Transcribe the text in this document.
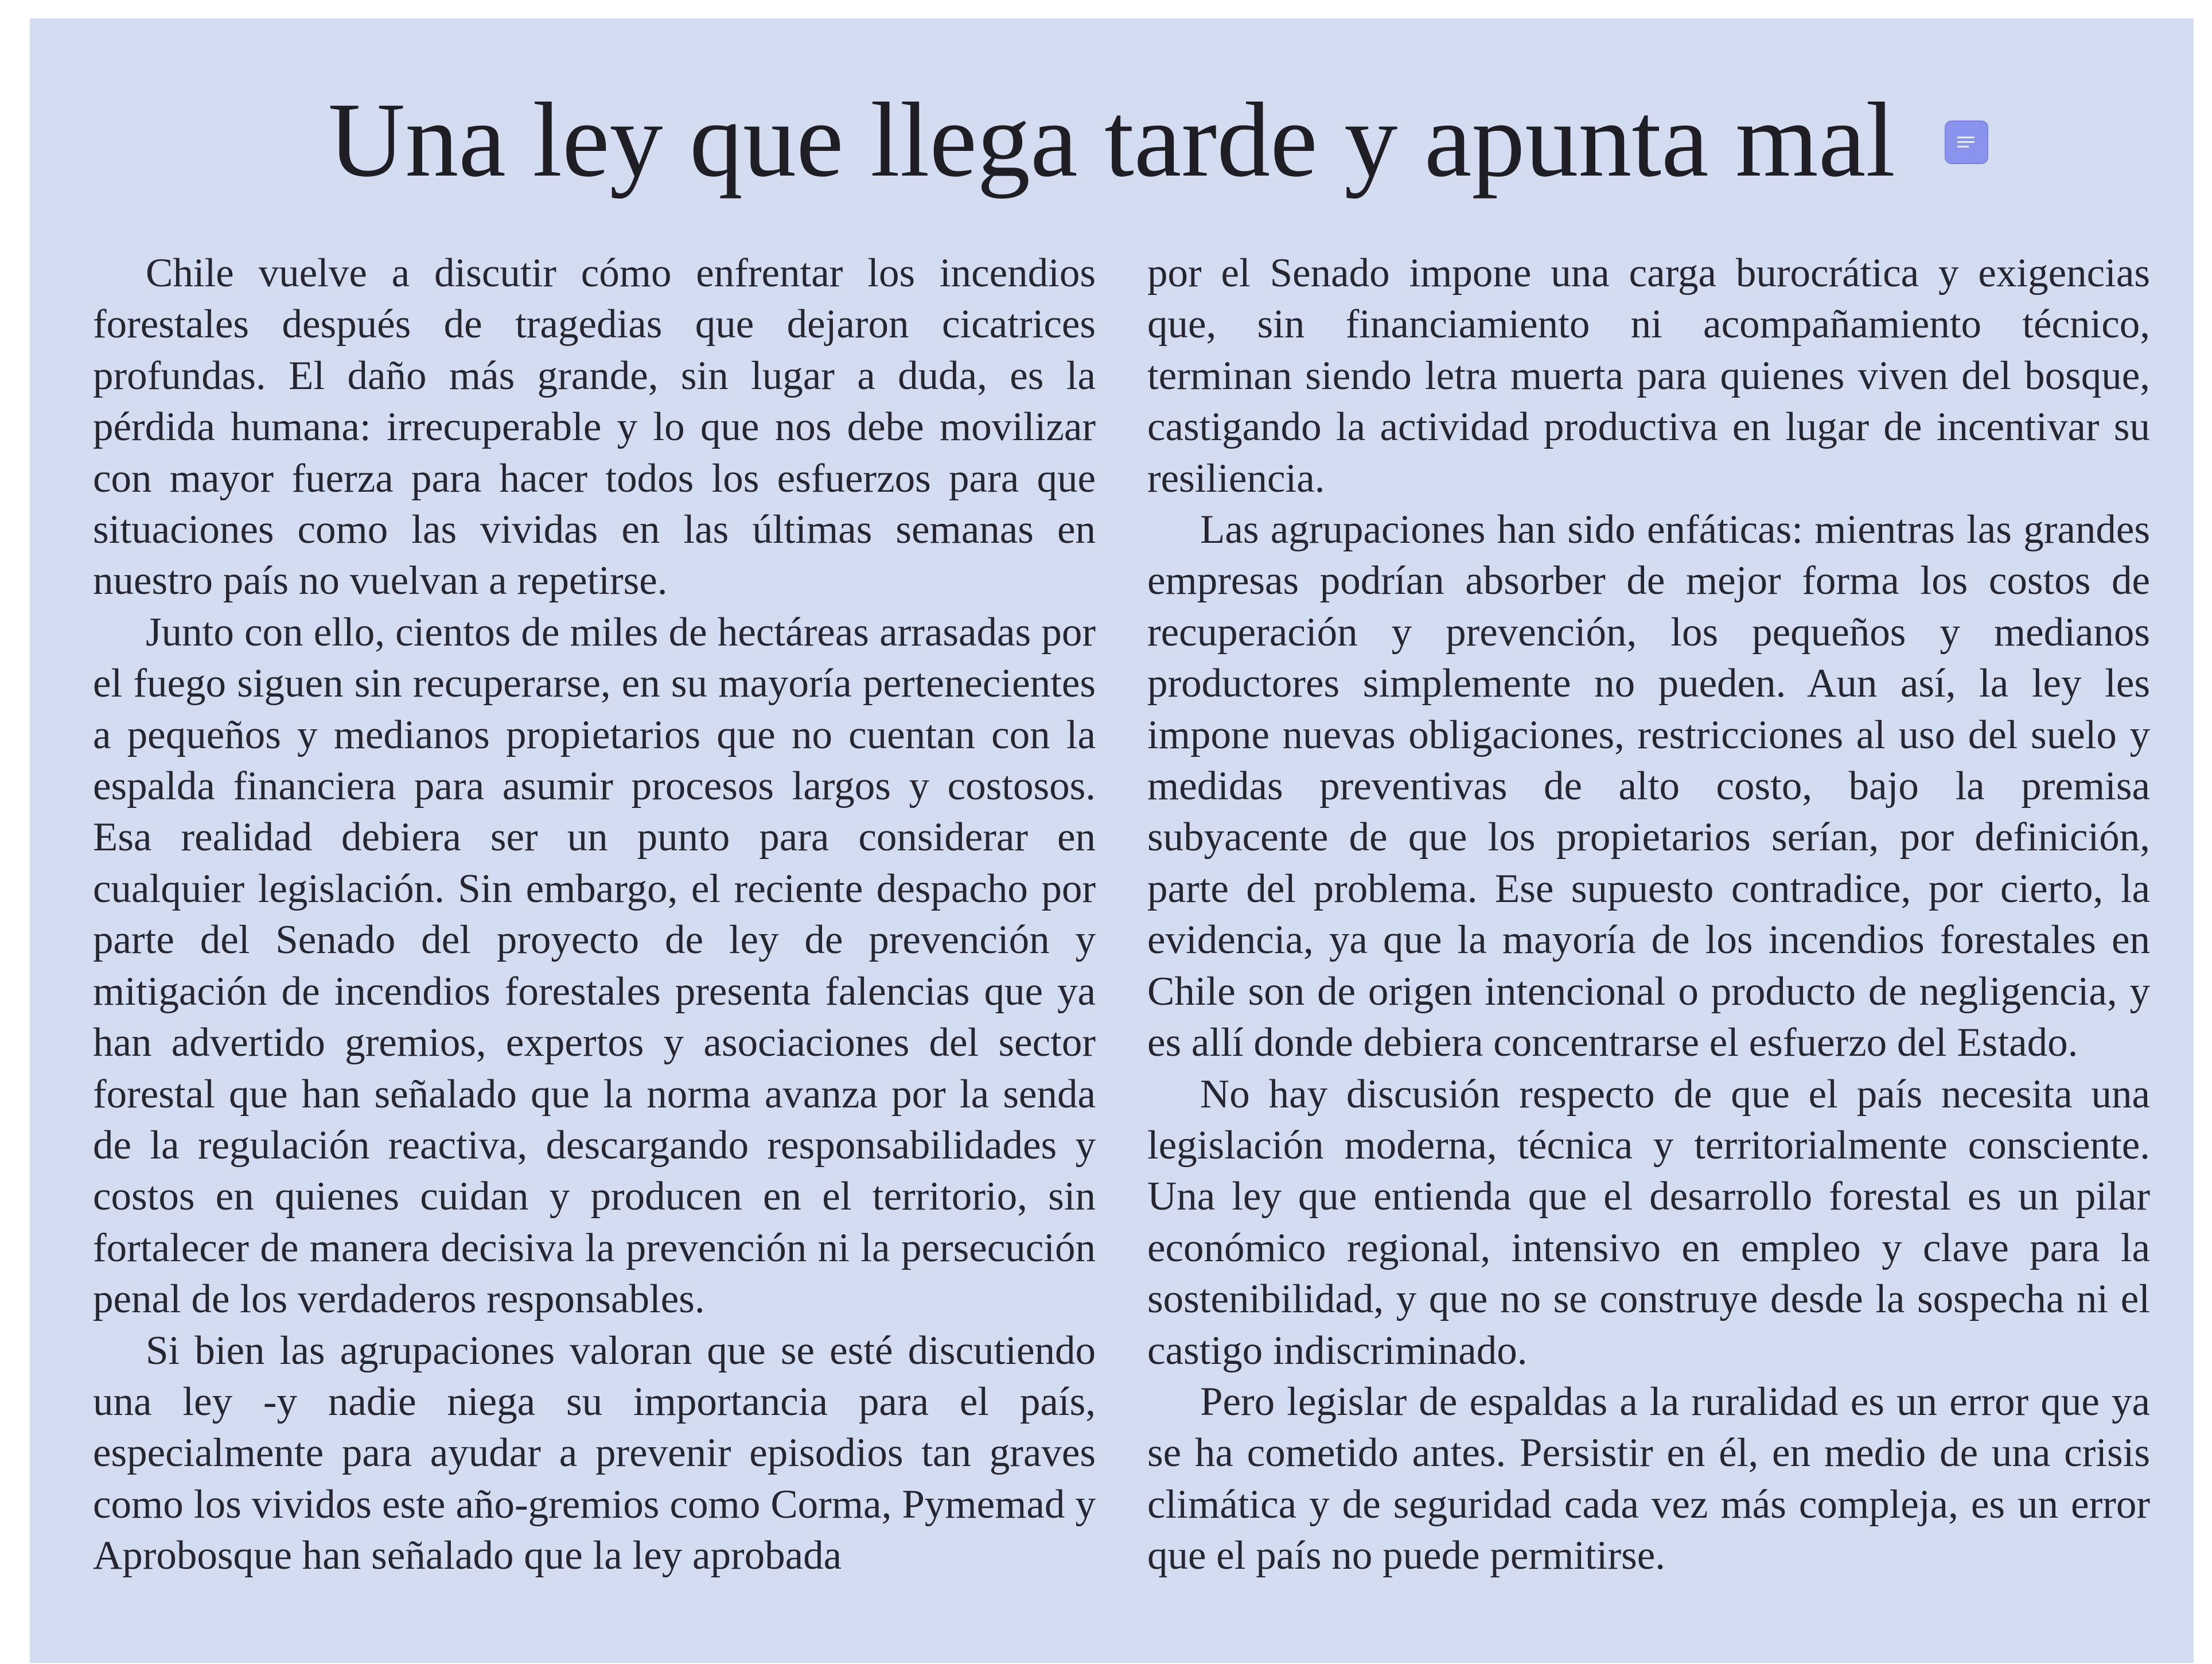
Una ley que llega tarde y apunta mal

Chile vuelve a discutir cómo enfrentar los incendios forestales después de tragedias que dejaron cicatrices profundas. El daño más grande, sin lugar a duda, es la pérdida humana: irrecuperable y lo que nos debe movilizar con mayor fuerza para hacer todos los esfuerzos para que situaciones como las vividas en las últimas semanas en nuestro país no vuelvan a repetirse.

Junto con ello, cientos de miles de hectáreas arrasadas por el fuego siguen sin recuperarse, en su mayoría pertenecientes a pequeños y medianos propietarios que no cuentan con la espalda financiera para asumir procesos largos y costosos. Esa realidad debiera ser un punto para considerar en cualquier legislación. Sin embargo, el reciente despacho por parte del Senado del proyecto de ley de prevención y mitigación de incendios forestales presenta falencias que ya han advertido gremios, expertos y asociaciones del sector forestal que han señalado que la norma avanza por la senda de la regulación reactiva, descargando responsabilidades y costos en quienes cuidan y producen en el territorio, sin fortalecer de manera decisiva la prevención ni la persecución penal de los verdaderos responsables.

Si bien las agrupaciones valoran que se esté discutiendo una ley -y nadie niega su importancia para el país, especialmente para ayudar a prevenir episodios tan graves como los vividos este año-gremios como Corma, Pymemad y Aprobosque han señalado que la ley aprobada

por el Senado impone una carga burocrática y exigencias que, sin financiamiento ni acompañamiento técnico, terminan siendo letra muerta para quienes viven del bosque, castigando la actividad productiva en lugar de incentivar su resiliencia.

Las agrupaciones han sido enfáticas: mientras las grandes empresas podrían absorber de mejor forma los costos de recuperación y prevención, los pequeños y medianos productores simplemente no pueden. Aun así, la ley les impone nuevas obligaciones, restricciones al uso del suelo y medidas preventivas de alto costo, bajo la premisa subyacente de que los propietarios serían, por definición, parte del problema. Ese supuesto contradice, por cierto, la evidencia, ya que la mayoría de los incendios forestales en Chile son de origen intencional o producto de negligencia, y es allí donde debiera concentrarse el esfuerzo del Estado.

No hay discusión respecto de que el país necesita una legislación moderna, técnica y territorialmente consciente. Una ley que entienda que el desarrollo forestal es un pilar económico regional, intensivo en empleo y clave para la sostenibilidad, y que no se construye desde la sospecha ni el castigo indiscriminado.

Pero legislar de espaldas a la ruralidad es un error que ya se ha cometido antes. Persistir en él, en medio de una crisis climática y de seguridad cada vez más compleja, es un error que el país no puede permitirse.
